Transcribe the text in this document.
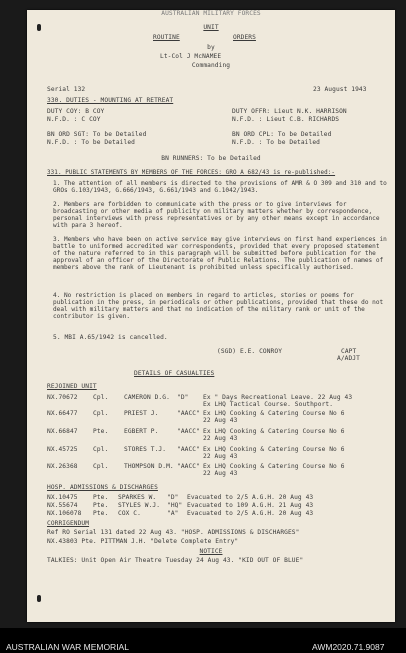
AUSTRALIAN MILITARY FORCES
UNIT
ROUTINE	ORDERS
by
Lt-Col J McNAMEE
Commanding
Serial 132	23 August 1943
330. DUTIES - MOUNTING AT RETREAT
DUTY COY: B COY
N.F.D. : C COY
DUTY OFFR: Lieut N.K. HARRISON
N.F.D. : Lieut C.B. RICHARDS
BN ORD SGT: To be Detailed
N.F.D. : To be Detailed
BN ORD CPL: To be Detailed
N.F.D. : To be Detailed
BN RUNNERS: To be Detailed
331. PUBLIC STATEMENTS BY MEMBERS OF THE FORCES: GRO A 682/43 is re-published:-
1. The attention of all members is directed to the provisions of AMR & O 309 and 310 and to GROs G.103/1943, G.666/1943, G.661/1943 and G.1042/1943.
2. Members are forbidden to communicate with the press or to give interviews for broadcasting or other media of publicity on military matters whether by correspondence, personal interviews with press representatives or by any other means except in accordance with para 3 hereof.
3. Members who have been on active service may give interviews on first hand experiences in battle to uniformed accredited war correspondents, provided that every proposed statement of the nature referred to in this paragraph will be submitted before publication for the approval of an officer of the Directorate of Public Relations. The publication of names of members above the rank of Lieutenant is prohibited unless specifically authorised.
4. No restriction is placed on members in regard to articles, stories or poems for publication in the press, in periodicals or other publications, provided that these do not deal with military matters and that no indication of the military rank or unit of the contributor is given.
5. MBI A.65/1942 is cancelled.
(SGD) E.E. CONROY	CAPT
A/ADJT
DETAILS OF CASUALTIES
REJOINED UNIT
NX.70672 Cpl.	CAMERON D.G. "D" Ex " Days Recreational Leave. 22 Aug 43
Ex LHQ Tactical Course. Southport.
NX.66477 Cpl.	PRIEST J.	"AACC" Ex LHQ Cooking & Catering Course No 6
22 Aug 43
NX.66847 Pte.	EGBERT P.	"AACC" Ex LHQ Cooking & Catering Course No 6
22 Aug 43
NX.45725 Cpl.	STORES T.J. "AACC" Ex LHQ Cooking & Catering Course No 6
22 Aug 43
NX.26368 Cpl.	THOMPSON D.M. "AACC" Ex LHQ Cooking & Catering Course No 6
22 Aug 43
HOSP. ADMISSIONS & DISCHARGES
NX.10475 Pte. SPARKES W. "D" Evacuated to 2/5 A.G.H. 20 Aug 43
NX.55674 Pte. STYLES W.J. "HQ" Evacuated to 109 A.G.H. 21 Aug 43
NX.106078 Pte. COX C.	"A" Evacuated to 2/5 A.G.H. 20 Aug 43
CORRIGENDUM
Ref RO Serial 131 dated 22 Aug 43. "HOSP. ADMISSIONS & DISCHARGES"
NX.43803 Pte. PITTMAN J.H. "Delete Complete Entry"
NOTICE
TALKIES: Unit Open Air Theatre Tuesday 24 Aug 43. "KID OUT OF BLUE"
AUSTRALIAN WAR MEMORIAL	AWM2020.71.9087
